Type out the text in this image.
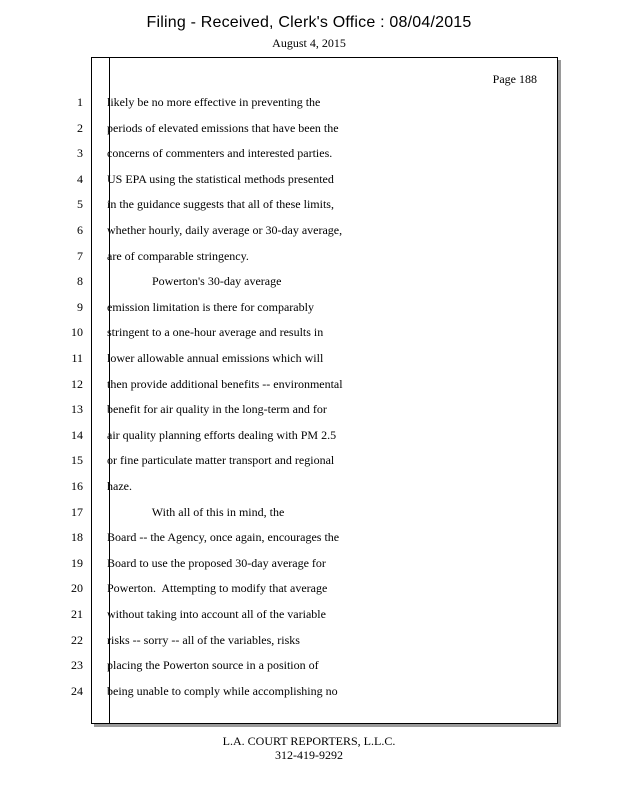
Filing - Received, Clerk's Office : 08/04/2015
August 4, 2015
Page 188
1 likely be no more effective in preventing the
2 periods of elevated emissions that have been the
3 concerns of commenters and interested parties.
4 US EPA using the statistical methods presented
5 in the guidance suggests that all of these limits,
6 whether hourly, daily average or 30-day average,
7 are of comparable stringency.
8 Powerton's 30-day average
9 emission limitation is there for comparably
10 stringent to a one-hour average and results in
11 lower allowable annual emissions which will
12 then provide additional benefits -- environmental
13 benefit for air quality in the long-term and for
14 air quality planning efforts dealing with PM 2.5
15 or fine particulate matter transport and regional
16 haze.
17 With all of this in mind, the
18 Board -- the Agency, once again, encourages the
19 Board to use the proposed 30-day average for
20 Powerton.  Attempting to modify that average
21 without taking into account all of the variable
22 risks -- sorry -- all of the variables, risks
23 placing the Powerton source in a position of
24 being unable to comply while accomplishing no
L.A. COURT REPORTERS, L.L.C.
312-419-9292
